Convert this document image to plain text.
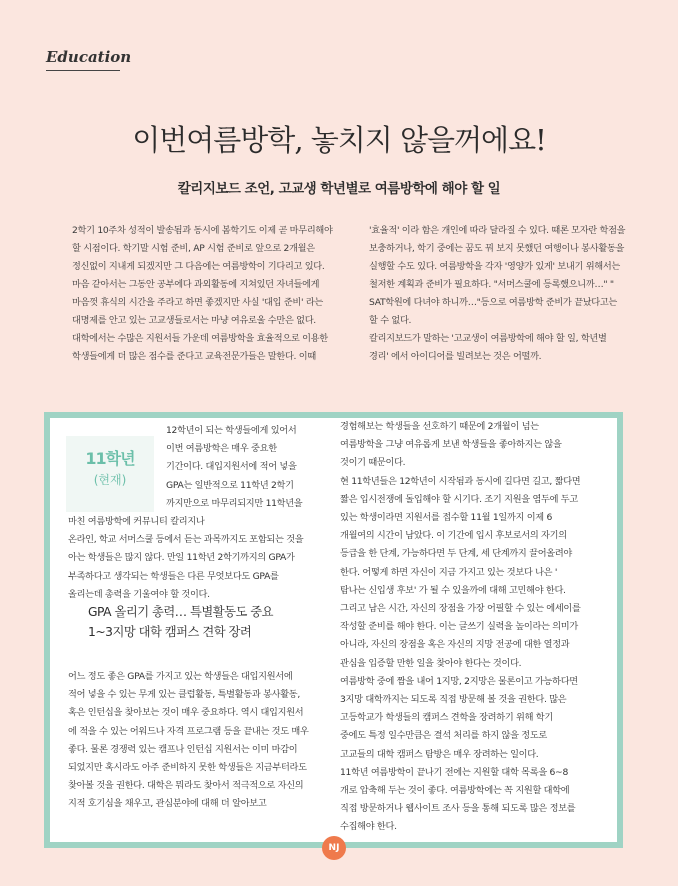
Education
이번여름방학, 놓치지 않을꺼에요!
칼리지보드 조언, 고교생 학년별로 여름방학에 해야 할 일

2학기 10주차 성적이 발송됨과 동시에 봄학기도 이제 곧 마무리해야
할 시점이다. 학기말 시험 준비, AP 시험 준비로 앞으로 2개월은
정신없이 지내게 되겠지만 그 다음에는 여름방학이 기다리고 있다.
마음 같아서는 그동안 공부에다 과외활동에 지쳐있던 자녀들에게
마음껏 휴식의 시간을 주라고 하면 좋겠지만 사실 '대입 준비' 라는
대명제를 안고 있는 고교생들로서는 마냥 여유로울 수만은 없다.
대학에서는 수많은 지원서들 가운데 여름방학을 효율적으로 이용한
학생들에게 더 많은 점수를 준다고 교육전문가들은 말한다. 이때

'효율적' 이라 함은 개인에 따라 달라질 수 있다. 때론 모자란 학점을
보충하거나, 학기 중에는 꿈도 꿔 보지 못했던 여행이나 봉사활동을
실행할 수도 있다. 여름방학을 각자 '영양가 있게' 보내기 위해서는
철저한 계획과 준비가 필요하다. "서머스쿨에 등록했으니까…" "
SAT학원에 다녀야 하니까…"등으로 여름방학 준비가 끝났다고는
할 수 없다.
칼리지보드가 말하는 '고교생이 여름방학에 해야 할 일, 학년별
경리' 에서 아이디어를 빌려보는 것은 어떨까.

11학년
(현재)

12학년이 되는 학생들에게 있어서
이번 여름방학은 매우 중요한
기간이다. 대입지원서에 적어 넣을
GPA는 일반적으로 11학년 2학기
까지만으로 마무리되지만 11학년을

마친 여름방학에 커뮤니티 칼리지나
온라인, 학교 서머스쿨 등에서 듣는 과목까지도 포함되는 것을
아는 학생들은 많지 않다. 만일 11학년 2학기까지의 GPA가
부족하다고 생각되는 학생들은 다른 무엇보다도 GPA를
올리는데 총력을 기울여야 할 것이다.

GPA 올리기 총력… 특별활동도 중요
1~3지망 대학 캠퍼스 견학 장려

어느 정도 좋은 GPA를 가지고 있는 학생들은 대입지원서에
적어 넣을 수 있는 무게 있는 클럽활동, 특별활동과 봉사활동,
혹은 인턴십을 찾아보는 것이 매우 중요하다. 역시 대입지원서
에 적을 수 있는 어워드나 자격 프로그램 등을 끝내는 것도 매우
좋다. 물론 경쟁력 있는 캠프나 인턴십 지원서는 이미 마감이
되었지만 혹시라도 아주 준비하지 못한 학생들은 지금부터라도
찾아볼 것을 권한다. 대학은 뭐라도 찾아서 적극적으로 자신의
지적 호기심을 채우고, 관심분야에 대해 더 알아보고

경험해보는 학생들을 선호하기 때문에 2개월이 넘는
여름방학을 그냥 여유롭게 보낸 학생들을 좋아하지는 않을
것이기 때문이다.
현 11학년들은 12학년이 시작됨과 동시에 길다면 길고, 짧다면
짧은 입시전쟁에 돌입해야 할 시기다. 조기 지원을 염두에 두고
있는 학생이라면 지원서를 접수할 11월 1일까지 이제 6
개월여의 시간이 남았다. 이 기간에 입시 후보로서의 자기의
등급을 한 단계, 가능하다면 두 단계, 세 단계까지 끌어올려야
한다. 어떻게 하면 자신이 지금 가지고 있는 것보다 나은 '
탐나는 신입생 후보' 가 될 수 있을까에 대해 고민해야 한다.
그리고 남은 시간, 자신의 장점을 가장 어필할 수 있는 에세이를
작성할 준비를 해야 한다. 이는 글쓰기 실력을 높이라는 의미가
아니라, 자신의 장점을 혹은 자신의 지망 전공에 대한 열정과
관심을 입증할 만한 일을 찾아야 한다는 것이다.
여름방학 중에 짬을 내어 1지망, 2지망은 물론이고 가능하다면
3지망 대학까지는 되도록 직접 방문해 볼 것을 권한다. 많은
고등학교가 학생들의 캠퍼스 견학을 장려하기 위해 학기
중에도 특정 일수만큼은 결석 처리를 하지 않을 정도로
고교들의 대학 캠퍼스 탐방은 매우 장려하는 일이다.
11학년 여름방학이 끝나기 전에는 지원할 대학 목록을 6~8
개로 압축해 두는 것이 좋다. 여름방학에는 꼭 지원할 대학에
직접 방문하거나 웹사이트 조사 등을 통해 되도록 많은 정보를
수집해야 한다.

NJ
